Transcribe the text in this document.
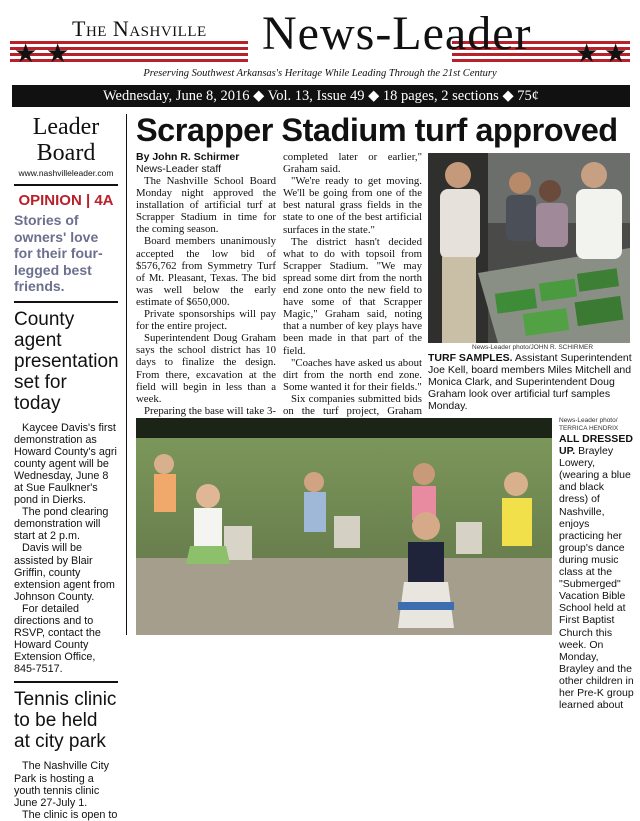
★ ★	★ ★
The Nashville News-Leader
Preserving Southwest Arkansas's Heritage While Leading Through the 21st Century
Wednesday, June 8, 2016 ◆ Vol. 13, Issue 49 ◆ 18 pages, 2 sections ◆ 75¢
Leader
Board
www.nashvilleleader.com
OPINION | 4A
Stories of owners' love for their four-legged best friends.
County agent presentation set for today

Kaycee Davis's first demonstration as Howard County's agri county agent will be Wednesday, June 8 at Sue Faulkner's pond in Dierks.

The pond clearing demonstration will start at 2 p.m.

Davis will be assisted by Blair Griffin, county extension agent from Johnson County.

For detailed directions and to RSVP, contact the Howard County Extension Office, 845-7517.

Tennis clinic to be held at city park

The Nashville City Park is hosting a youth tennis clinic June 27-July 1.

The clinic is open to

Scrapper Stadium turf approved
By John R. Schirmer
News-Leader staff

The Nashville School Board Monday night approved the installation of artificial turf at Scrapper Stadium in time for the coming season.

Board members unanimously accepted the low bid of $576,762 from Symmetry Turf of Mt. Pleasant, Texas. The bid was well below the early estimate of $650,000.

Private sponsorships will pay for the entire project.

Superintendent Doug Graham says the school district has 10 days to finalize the design. From there, excavation at the field will begin in less than a week.

Preparing the base will take 3-

completed later or earlier," Graham said.

"We're ready to get moving. We'll be going from one of the best natural grass fields in the state to one of the best artificial surfaces in the state."

The district hasn't decided what to do with topsoil from Scrapper Stadium. "We may spread some dirt from the north end zone onto the new field to have some of that Scrapper Magic," Graham said, noting that a number of key plays have been made in that part of the field.

"Coaches have asked us about dirt from the north end zone. Some wanted it for their fields."

Six companies submitted bids on the turf project, Graham

News-Leader photo/JOHN R. SCHIRMER
TURF SAMPLES. Assistant Superintendent Joe Kell, board members Miles Mitchell and Monica Clark, and Superintendent Doug Graham look over artificial turf samples Monday.
News-Leader photo/
TERRICA HENDRIX
ALL DRESSED UP. Brayley Lowery, (wearing a blue and black dress) of Nashville, enjoys practicing her group's dance during music class at the "Submerged" Vacation Bible School held at First Baptist Church this week. On Monday, Brayley and the other children in her Pre-K group learned about
